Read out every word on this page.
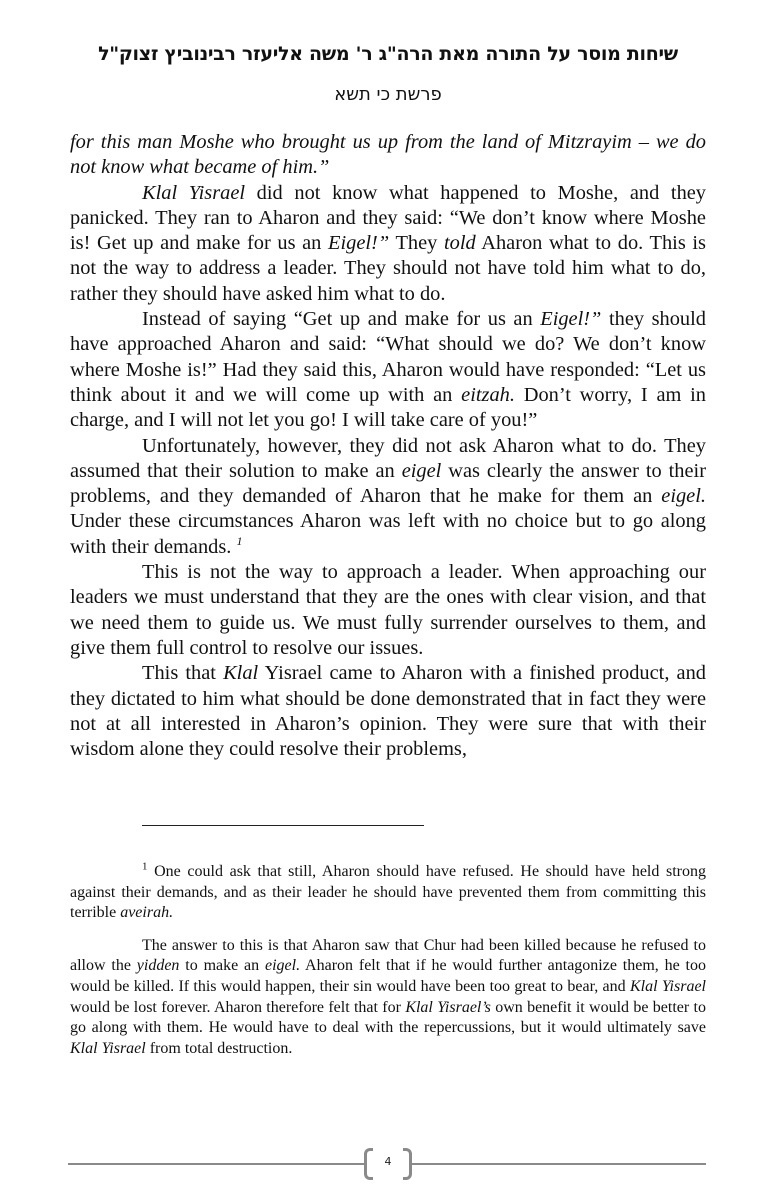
שיחות מוסר על התורה מאת הרה"ג ר' משה אליעזר רבינוביץ זצוק"ל
פרשת כי תשא

for this man Moshe who brought us up from the land of Mitzrayim – we do not know what became of him.”

Klal Yisrael did not know what happened to Moshe, and they panicked. They ran to Aharon and they said: “We don’t know where Moshe is! Get up and make for us an Eigel!” They told Aharon what to do. This is not the way to address a leader. They should not have told him what to do, rather they should have asked him what to do.

Instead of saying “Get up and make for us an Eigel!” they should have approached Aharon and said: “What should we do? We don’t know where Moshe is!” Had they said this, Aharon would have responded: “Let us think about it and we will come up with an eitzah. Don’t worry, I am in charge, and I will not let you go! I will take care of you!”

Unfortunately, however, they did not ask Aharon what to do. They assumed that their solution to make an eigel was clearly the answer to their problems, and they demanded of Aharon that he make for them an eigel. Under these circumstances Aharon was left with no choice but to go along with their demands. $^1$

This is not the way to approach a leader. When approaching our leaders we must understand that they are the ones with clear vision, and that we need them to guide us. We must fully surrender ourselves to them, and give them full control to resolve our issues.

This that Klal Yisrael came to Aharon with a finished product, and they dictated to him what should be done demonstrated that in fact they were not at all interested in Aharon’s opinion. They were sure that with their wisdom alone they could resolve their problems,

$^1$ One could ask that still, Aharon should have refused. He should have held strong against their demands, and as their leader he should have prevented them from committing this terrible aveirah.

The answer to this is that Aharon saw that Chur had been killed because he refused to allow the yidden to make an eigel. Aharon felt that if he would further antagonize them, he too would be killed. If this would happen, their sin would have been too great to bear, and Klal Yisrael would be lost forever. Aharon therefore felt that for Klal Yisrael’s own benefit it would be better to go along with them. He would have to deal with the repercussions, but it would ultimately save Klal Yisrael from total destruction.

4
